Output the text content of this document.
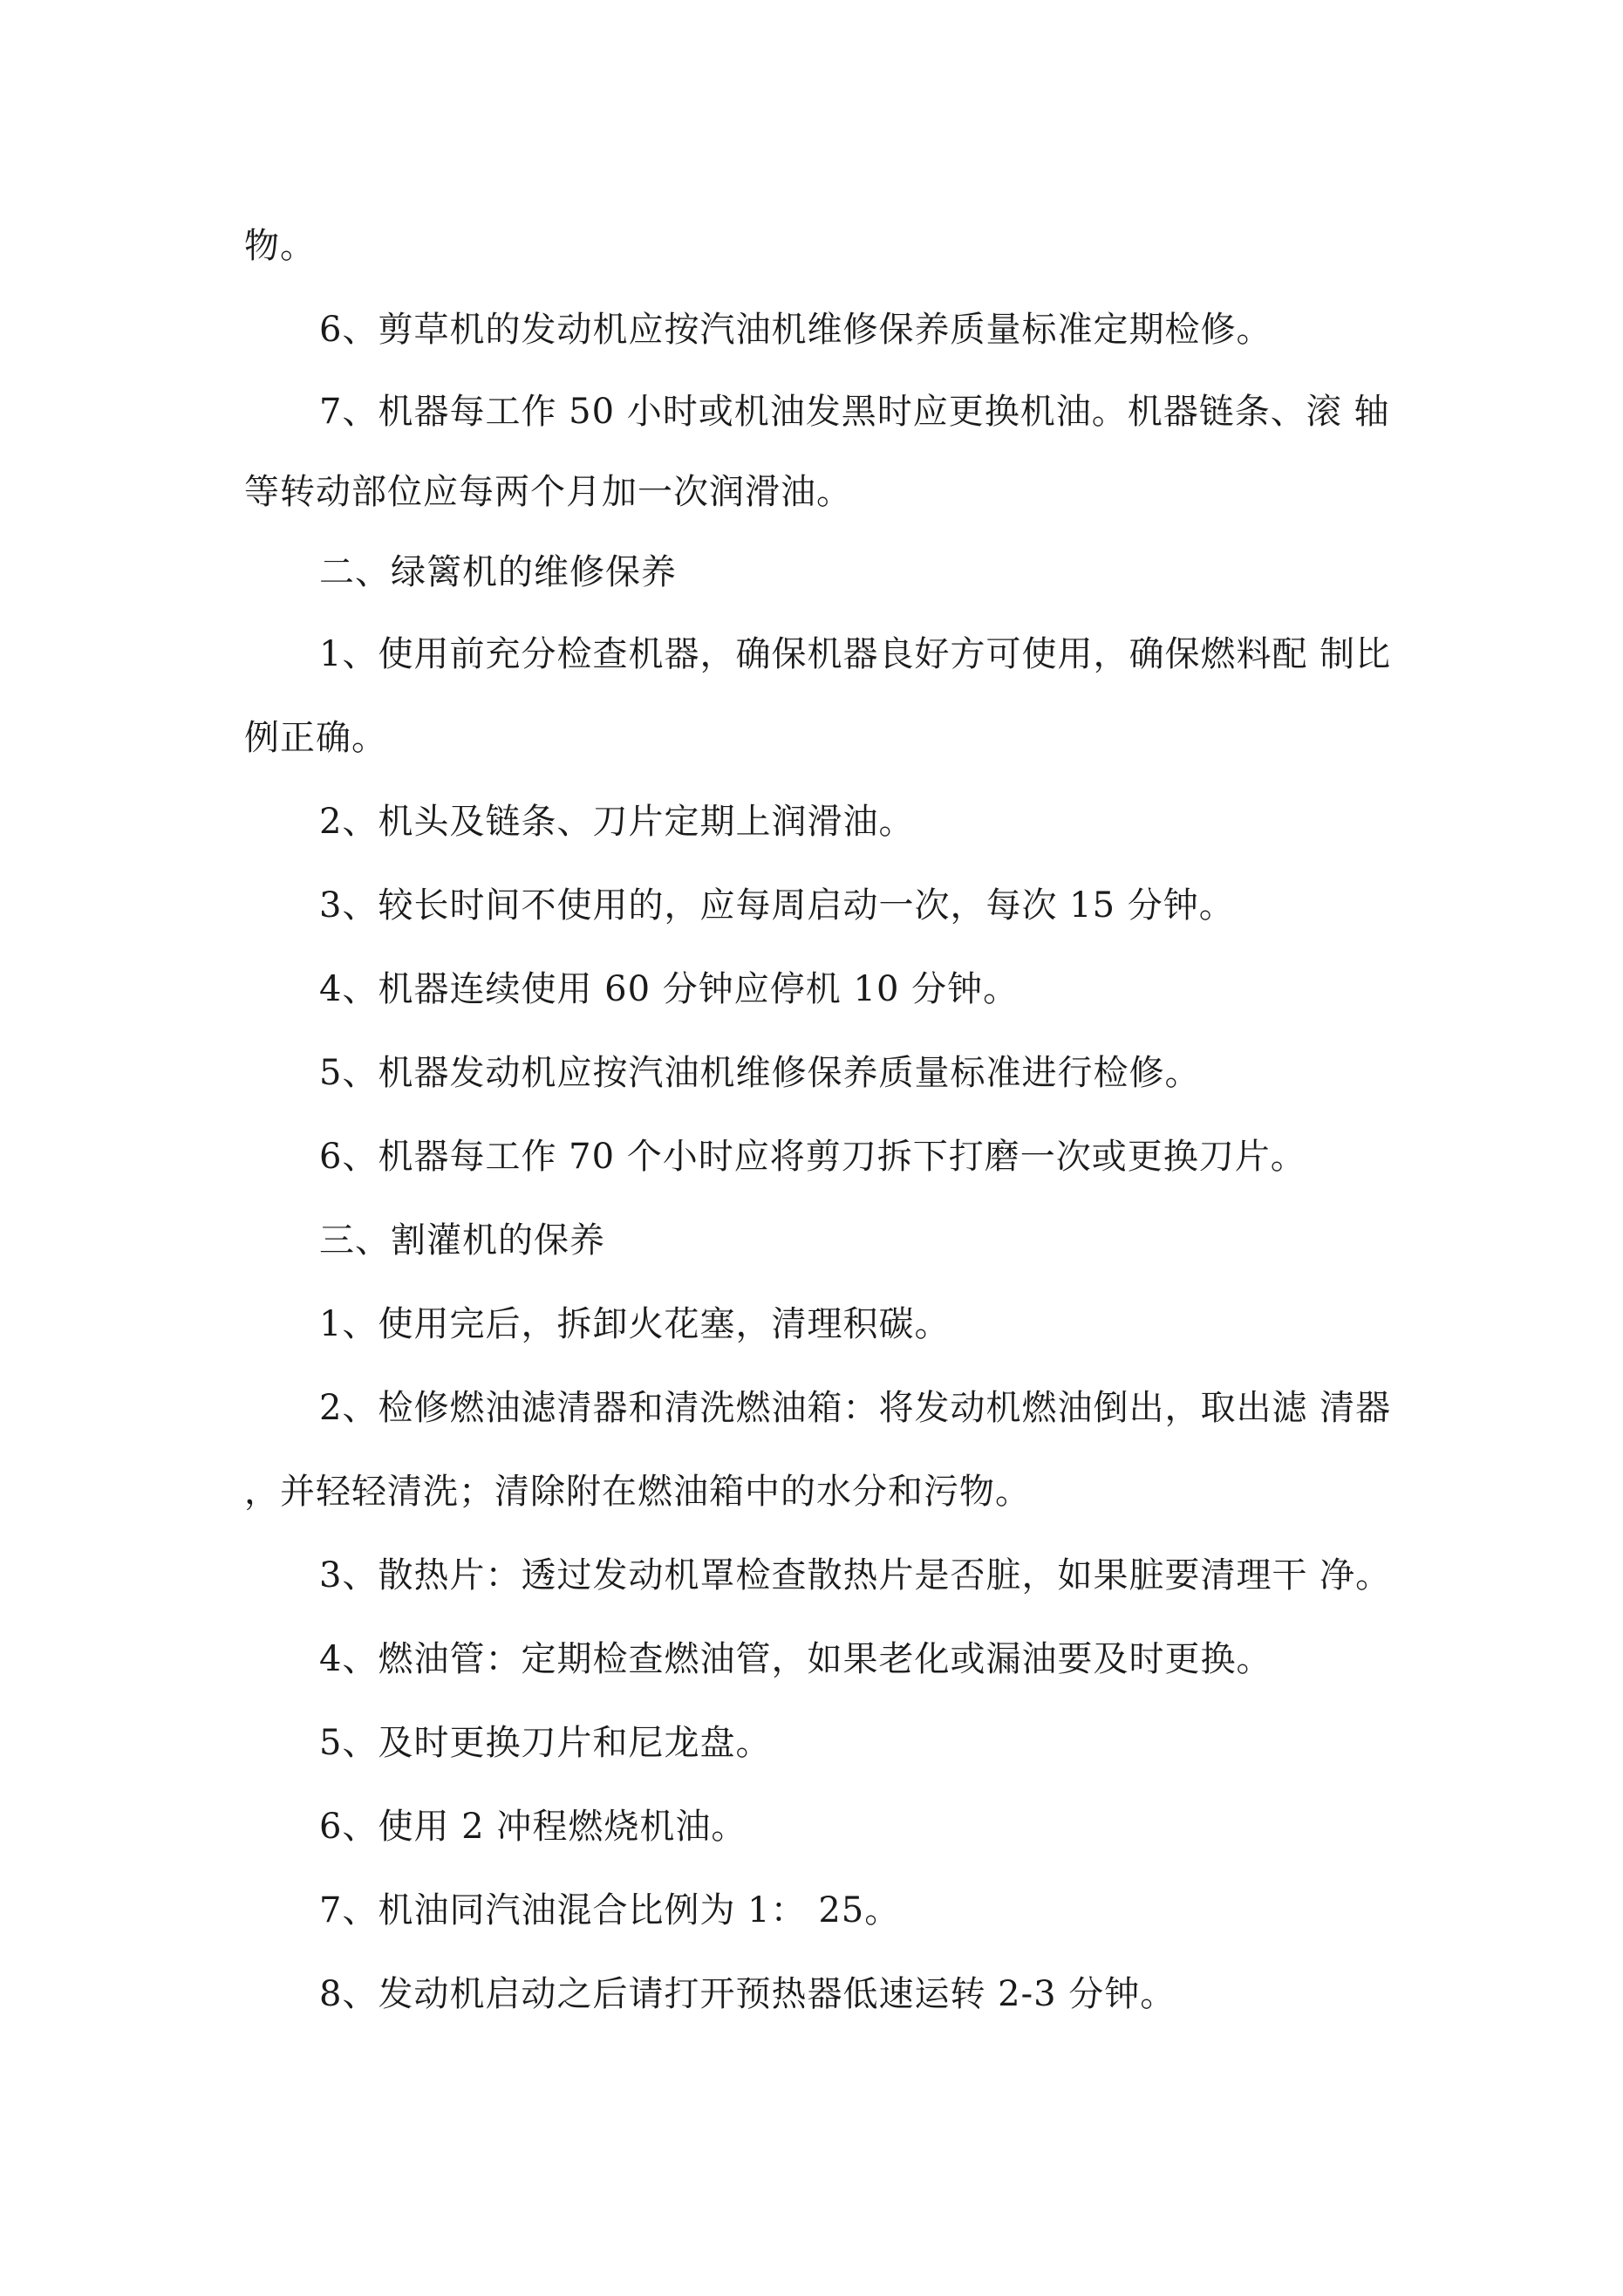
物。
6、剪草机的发动机应按汽油机维修保养质量标准定期检修。
7、机器每工作 50 小时或机油发黑时应更换机油。机器链条、滚 轴
等转动部位应每两个月加一次润滑油。
二、绿篱机的维修保养
1、使用前充分检查机器，确保机器良好方可使用，确保燃料配 制比
例正确。
2、机头及链条、刀片定期上润滑油。
3、较长时间不使用的，应每周启动一次，每次 15 分钟。
4、机器连续使用 60 分钟应停机 10 分钟。
5、机器发动机应按汽油机维修保养质量标准进行检修。
6、机器每工作 70 个小时应将剪刀拆下打磨一次或更换刀片。
三、割灌机的保养
1、使用完后，拆卸火花塞，清理积碳。
2、检修燃油滤清器和清洗燃油箱：将发动机燃油倒出，取出滤 清器
，并轻轻清洗；清除附在燃油箱中的水分和污物。
3、散热片：透过发动机罩检查散热片是否脏，如果脏要清理干 净。
4、燃油管：定期检查燃油管，如果老化或漏油要及时更换。
5、及时更换刀片和尼龙盘。
6、使用 2 冲程燃烧机油。
7、机油同汽油混合比例为 1： 25。
8、发动机启动之后请打开预热器低速运转 2-3 分钟。
